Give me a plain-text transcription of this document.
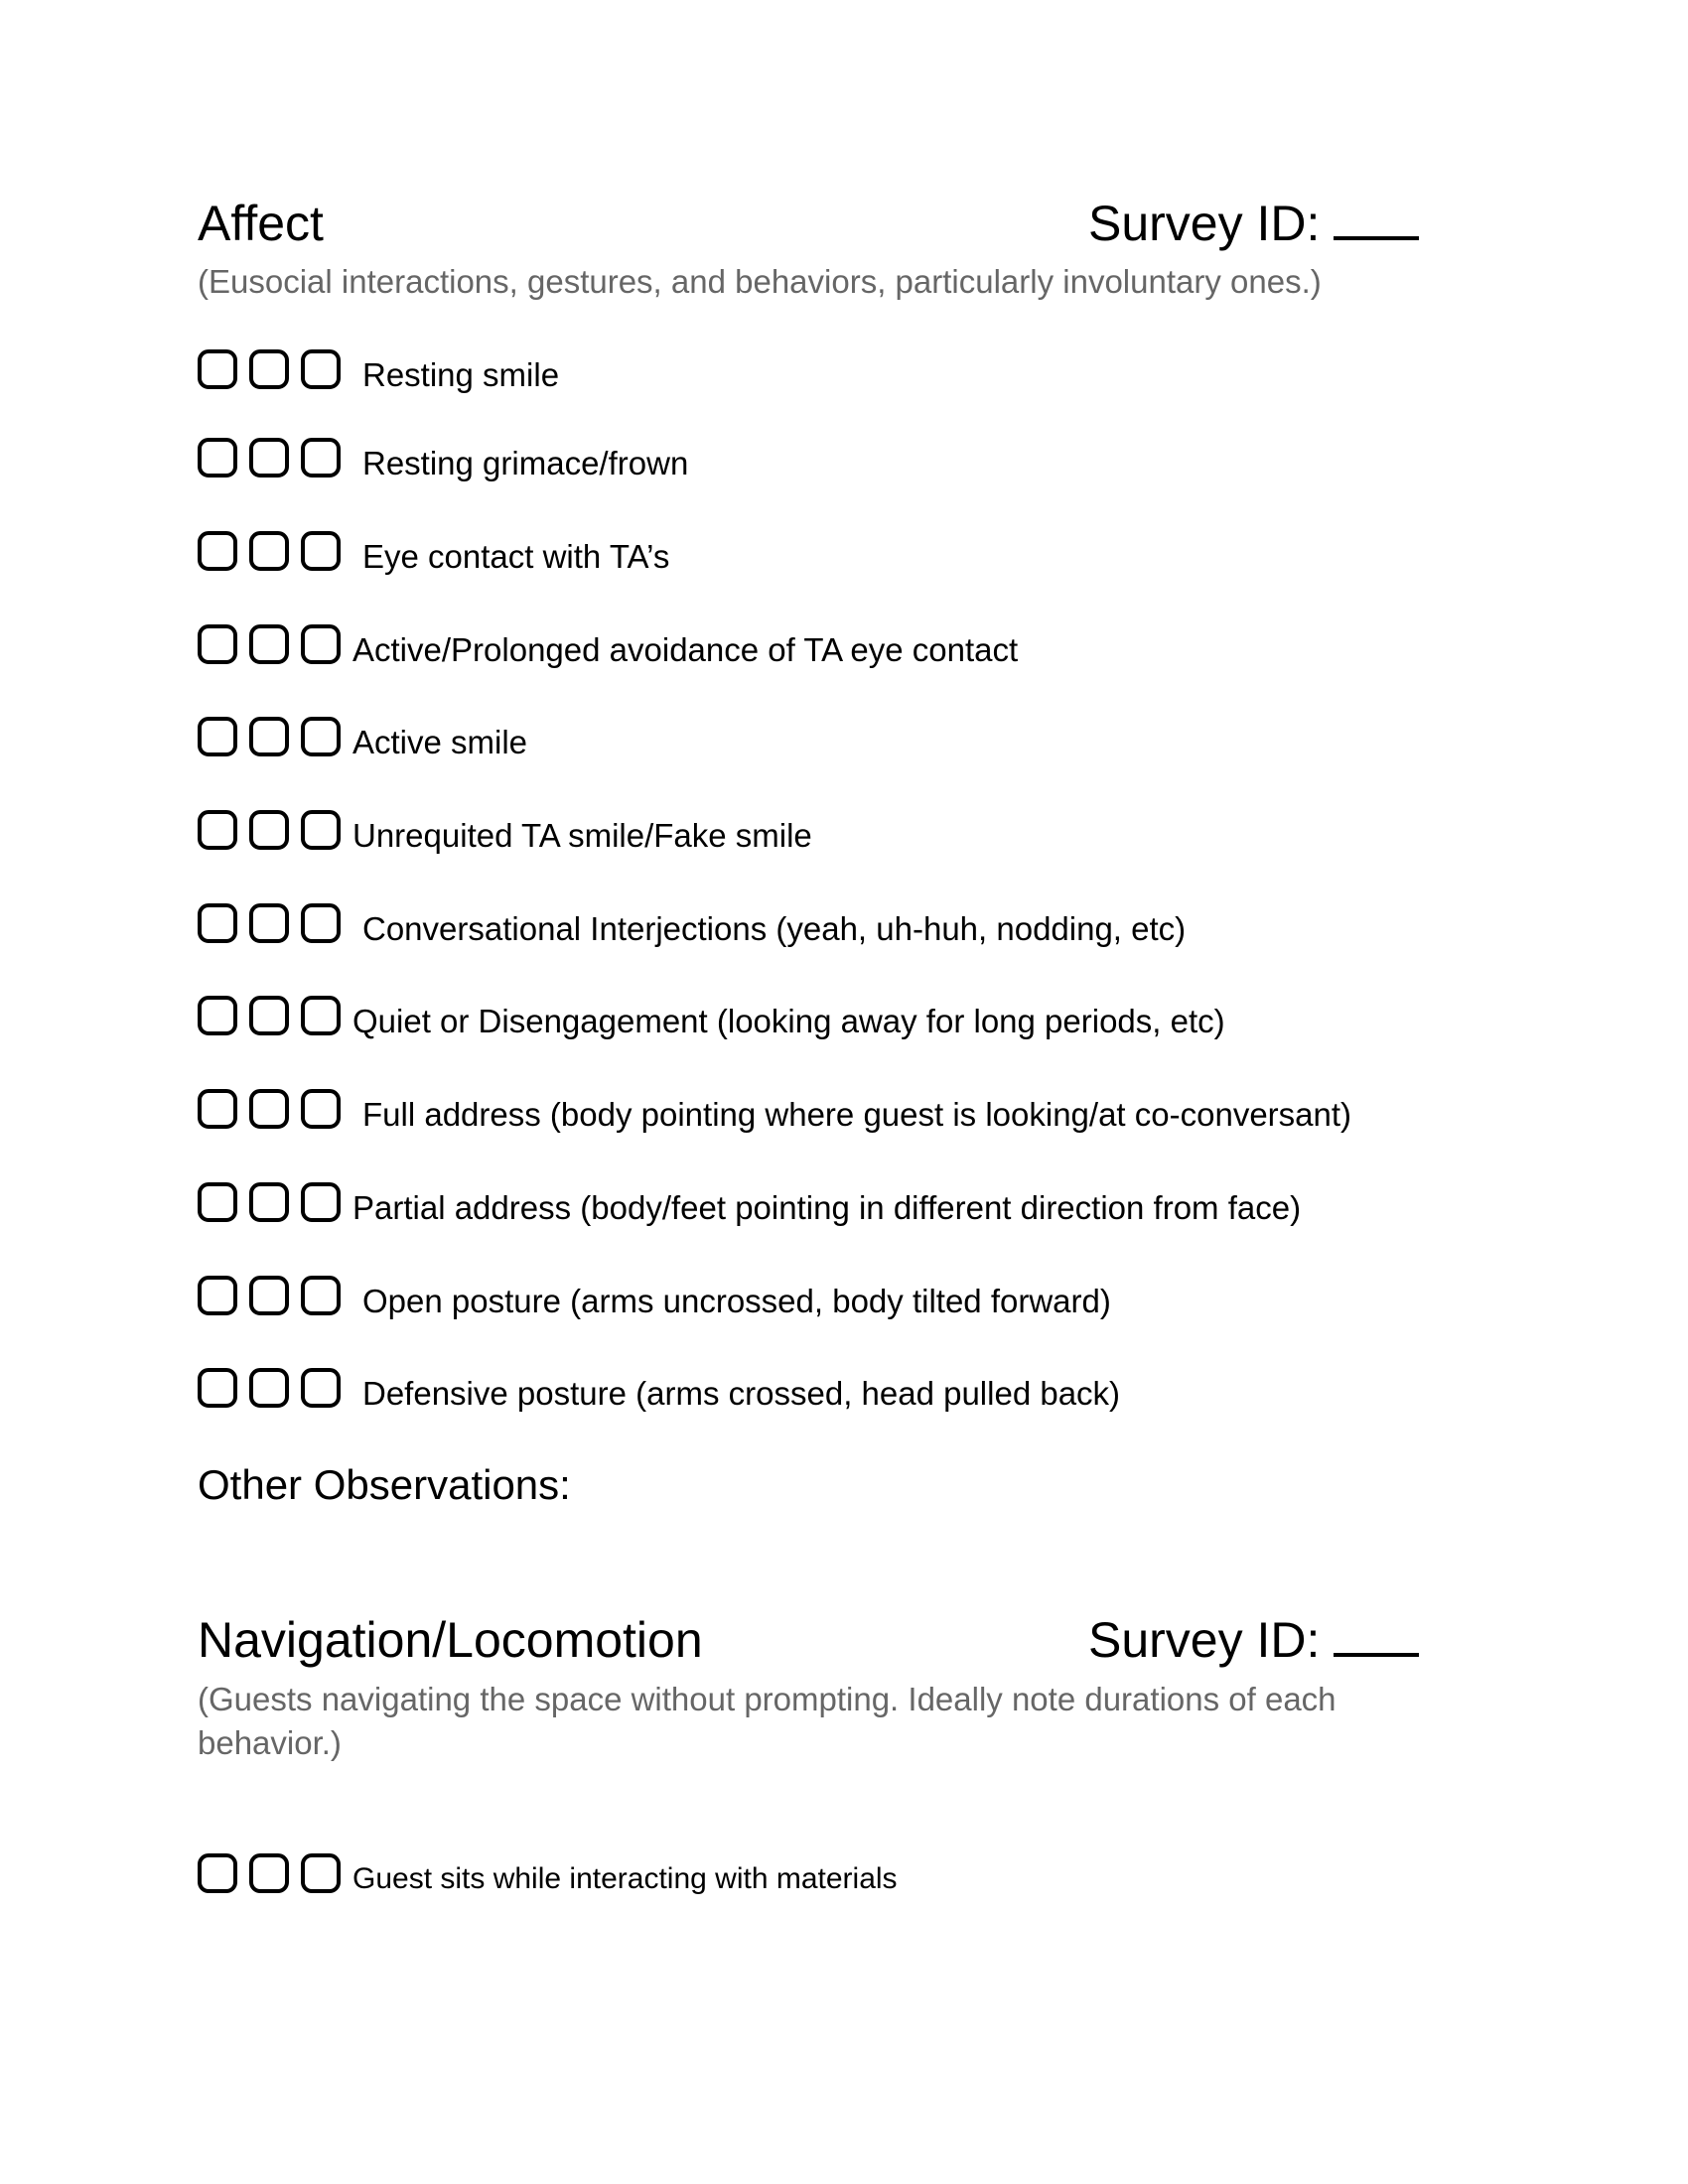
Affect	Survey ID:
(Eusocial interactions, gestures, and behaviors, particularly involuntary ones.)
Resting smile
Resting grimace/frown
Eye contact with TA’s
Active/Prolonged avoidance of TA eye contact
Active smile
Unrequited TA smile/Fake smile
Conversational Interjections (yeah, uh-huh, nodding, etc)
Quiet or Disengagement (looking away for long periods, etc)
Full address (body pointing where guest is looking/at co-conversant)
Partial address (body/feet pointing in different direction from face)
Open posture (arms uncrossed, body tilted forward)
Defensive posture (arms crossed, head pulled back)
Other Observations:
Navigation/Locomotion	Survey ID:
(Guests navigating the space without prompting. Ideally note durations of each
behavior.)
Guest sits while interacting with materials
